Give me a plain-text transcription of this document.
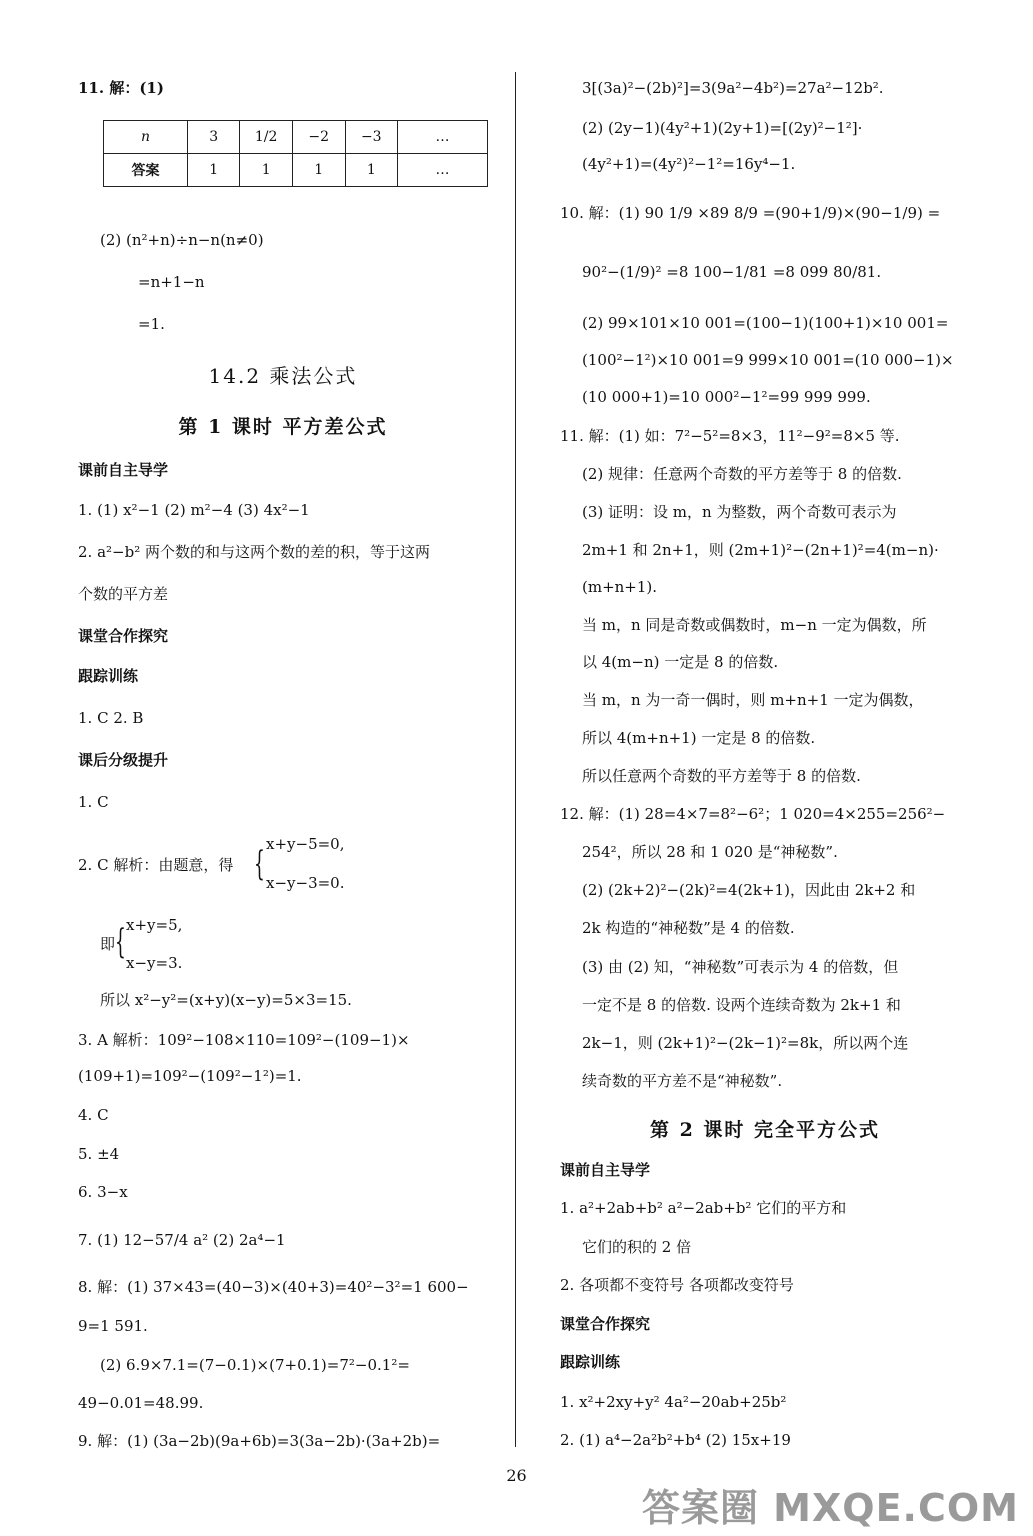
11. 解：(1)
n	3	1/2	−2	−3	…
答案	1	1	1	1	…
(2) (n²+n)÷n−n(n≠0)
=n+1−n
=1.
14.2 乘法公式
第 1 课时 平方差公式
课前自主导学
1. (1) x²−1 (2) m²−4 (3) 4x²−1
2. a²−b² 两个数的和与这两个数的差的积，等于这两
个数的平方差
课堂合作探究
跟踪训练
1. C 2. B
课后分级提升
1. C
2. C 解析：由题意，得 { x+y−5=0,
x−y−3=0.
即 { x+y=5,
x−y=3.
所以 x²−y²=(x+y)(x−y)=5×3=15.
3. A 解析：109²−108×110=109²−(109−1)×
(109+1)=109²−(109²−1²)=1.
4. C
5. ±4
6. 3−x
7. (1) 12−57/4 a² (2) 2a⁴−1
8. 解：(1) 37×43=(40−3)×(40+3)=40²−3²=1 600−
9=1 591.
(2) 6.9×7.1=(7−0.1)×(7+0.1)=7²−0.1²=
49−0.01=48.99.
9. 解：(1) (3a−2b)(9a+6b)=3(3a−2b)·(3a+2b)=
3[(3a)²−(2b)²]=3(9a²−4b²)=27a²−12b².
(2) (2y−1)(4y²+1)(2y+1)=[(2y)²−1²]·
(4y²+1)=(4y²)²−1²=16y⁴−1.
10. 解：(1) 90 1/9 ×89 8/9 =(90+1/9)×(90−1/9) =
90²−(1/9)² =8 100−1/81 =8 099 80/81.
(2) 99×101×10 001=(100−1)(100+1)×10 001=
(100²−1²)×10 001=9 999×10 001=(10 000−1)×
(10 000+1)=10 000²−1²=99 999 999.
11. 解：(1) 如：7²−5²=8×3，11²−9²=8×5 等.
(2) 规律：任意两个奇数的平方差等于 8 的倍数.
(3) 证明：设 m，n 为整数，两个奇数可表示为
2m+1 和 2n+1，则 (2m+1)²−(2n+1)²=4(m−n)·
(m+n+1).
当 m，n 同是奇数或偶数时，m−n 一定为偶数，所
以 4(m−n) 一定是 8 的倍数.
当 m，n 为一奇一偶时，则 m+n+1 一定为偶数，
所以 4(m+n+1) 一定是 8 的倍数.
所以任意两个奇数的平方差等于 8 的倍数.
12. 解：(1) 28=4×7=8²−6²；1 020=4×255=256²−
254²，所以 28 和 1 020 是“神秘数”.
(2) (2k+2)²−(2k)²=4(2k+1)，因此由 2k+2 和
2k 构造的“神秘数”是 4 的倍数.
(3) 由 (2) 知，“神秘数”可表示为 4 的倍数，但
一定不是 8 的倍数. 设两个连续奇数为 2k+1 和
2k−1，则 (2k+1)²−(2k−1)²=8k，所以两个连
续奇数的平方差不是“神秘数”.
第 2 课时 完全平方公式
课前自主导学
1. a²+2ab+b² a²−2ab+b² 它们的平方和
它们的积的 2 倍
2. 各项都不变符号 各项都改变符号
课堂合作探究
跟踪训练
1. x²+2xy+y² 4a²−20ab+25b²
2. (1) a⁴−2a²b²+b⁴ (2) 15x+19
26
答案圈 MXQE.COM
